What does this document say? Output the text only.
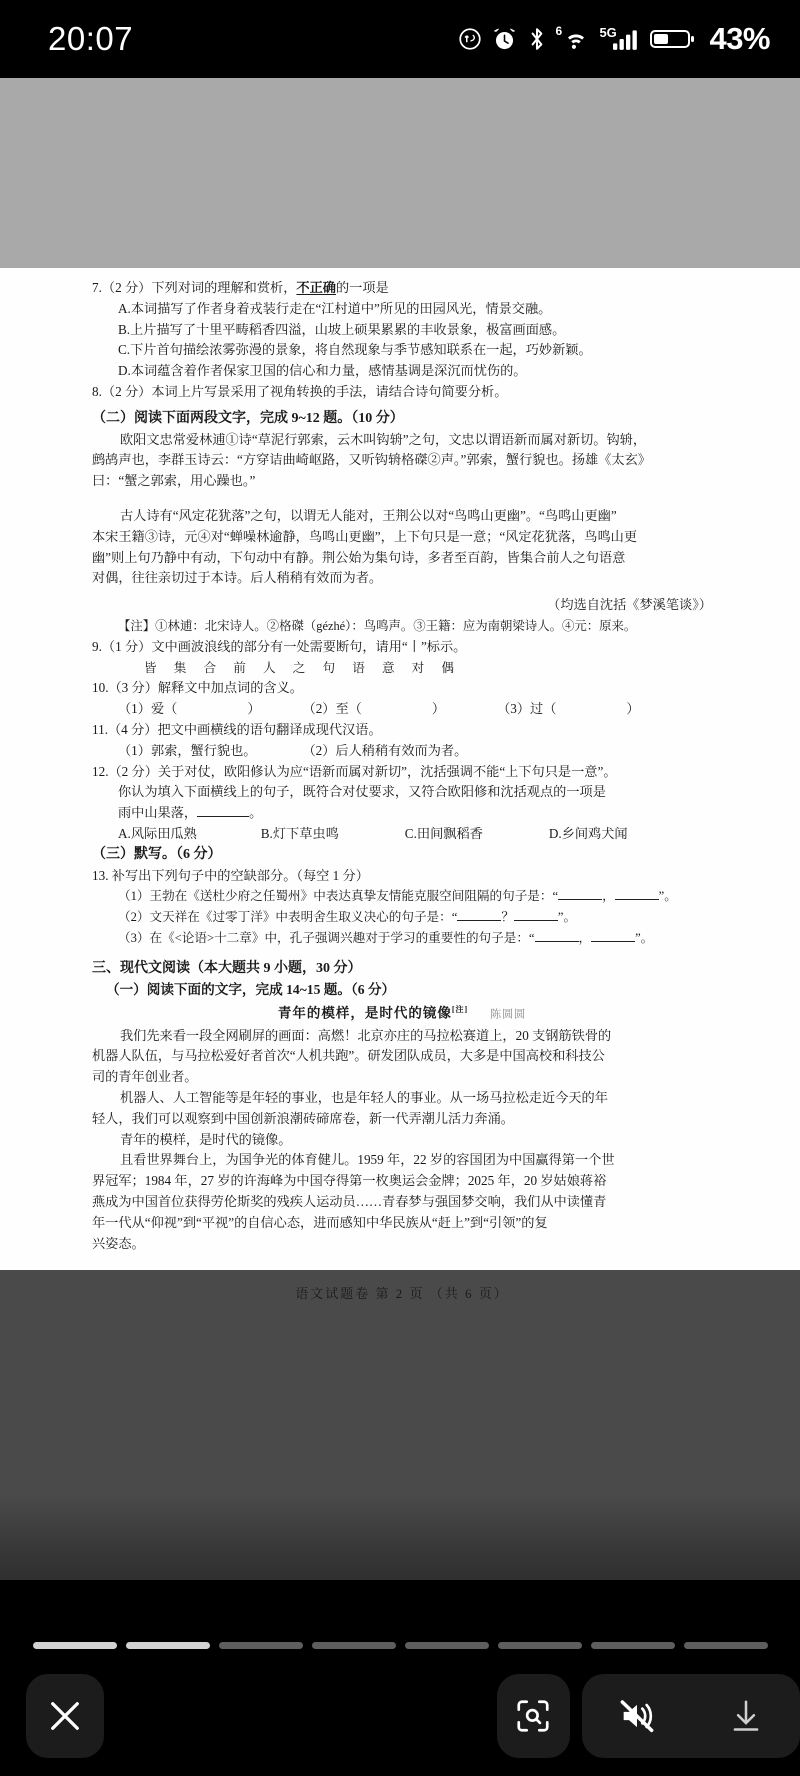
20:07	6	5G	43%
7.（2 分）下列对词的理解和赏析，不正确的一项是
A.本词描写了作者身着戎装行走在“江村道中”所见的田园风光，情景交融。
B.上片描写了十里平畴稻香四溢，山坡上硕果累累的丰收景象，极富画面感。
C.下片首句描绘浓雾弥漫的景象，将自然现象与季节感知联系在一起，巧妙新颖。
D.本词蕴含着作者保家卫国的信心和力量，感情基调是深沉而忧伤的。
8.（2 分）本词上片写景采用了视角转换的手法，请结合诗句简要分析。
（二）阅读下面两段文字，完成 9~12 题。（10 分）
欧阳文忠常爱林逋①诗“草泥行郭索，云木叫钩辀”之句，文忠以谓语新而属对新切。钩辀，
鹧鸪声也，李群玉诗云：“方穿诘曲崎岖路，又听钩辀格磔②声。”郭索，蟹行貌也。扬雄《太玄》
曰：“蟹之郭索，用心躁也。”
古人诗有“风定花犹落”之句，以谓无人能对，王荆公以对“鸟鸣山更幽”。“鸟鸣山更幽”
本宋王籍③诗，元④对“蝉噪林逾静，鸟鸣山更幽”，上下句只是一意；“风定花犹落，鸟鸣山更
幽”则上句乃静中有动，下句动中有静。荆公始为集句诗，多者至百韵，皆集合前人之句语意
对偶，往往亲切过于本诗。后人稍稍有效而为者。
（均选自沈括《梦溪笔谈》）
【注】①林逋：北宋诗人。②格磔（gézhé）：鸟鸣声。③王籍：应为南朝梁诗人。④元：原来。
9.（1 分）文中画波浪线的部分有一处需要断句，请用“丨”标示。
皆 集 合 前 人 之 句 语 意 对 偶
10.（3 分）解释文中加点词的含义。
（1）爱（	）	（2）至（	）	（3）过（	）
11.（4 分）把文中画横线的语句翻译成现代汉语。
（1）郭索，蟹行貌也。	（2）后人稍稍有效而为者。
12.（2 分）关于对仗，欧阳修认为应“语新而属对新切”，沈括强调不能“上下句只是一意”。
你认为填入下面横线上的句子，既符合对仗要求，又符合欧阳修和沈括观点的一项是
雨中山果落，	。
A.风际田瓜熟	B.灯下草虫鸣	C.田间飘稻香	D.乡间鸡犬闻
（三）默写。（6 分）
13. 补写出下列句子中的空缺部分。（每空 1 分）
（1）王勃在《送杜少府之任蜀州》中表达真挚友情能克服空间阻隔的句子是：“	，	”。
（2）文天祥在《过零丁洋》中表明舍生取义决心的句子是：“	？	”。
（3）在《<论语>十二章》中，孔子强调兴趣对于学习的重要性的句子是：“	，	”。
三、现代文阅读（本大题共 9 小题，30 分）
（一）阅读下面的文字，完成 14~15 题。（6 分）
青年的模样，是时代的镜像[注] 陈圆圆
我们先来看一段全网刷屏的画面：高燃！北京亦庄的马拉松赛道上，20 支钢筋铁骨的
机器人队伍，与马拉松爱好者首次“人机共跑”。研发团队成员，大多是中国高校和科技公
司的青年创业者。
机器人、人工智能等是年轻的事业，也是年轻人的事业。从一场马拉松走近今天的年
轻人，我们可以观察到中国创新浪潮砖碲席卷，新一代弄潮儿活力奔涌。
青年的模样，是时代的镜像。
且看世界舞台上，为国争光的体育健儿。1959 年，22 岁的容国团为中国赢得第一个世
界冠军；1984 年，27 岁的许海峰为中国夺得第一枚奥运会金牌；2025 年，20 岁姑娘蒋裕
燕成为中国首位获得劳伦斯奖的残疾人运动员……青春梦与强国梦交响，我们从中读懂青
年一代从“仰视”到“平视”的自信心态，进而感知中华民族从“赶上”到“引领”的复
兴姿态。
语文试题卷 第 2 页 （共 6 页）
